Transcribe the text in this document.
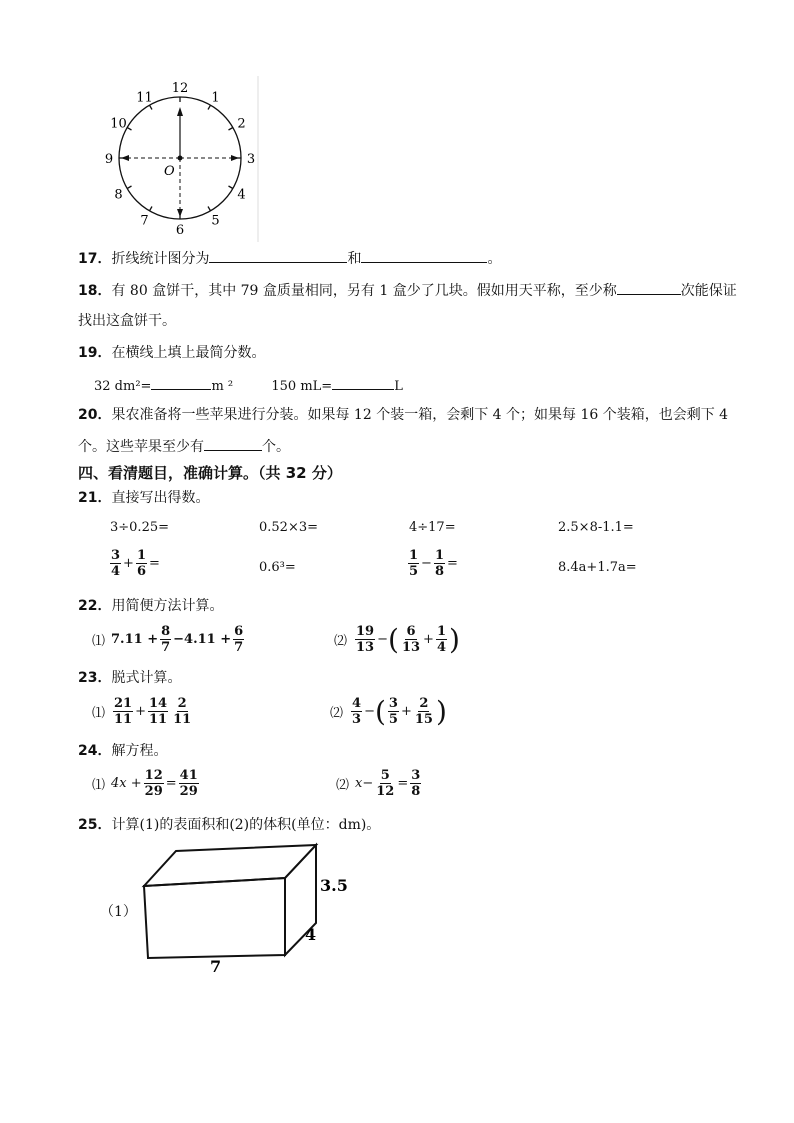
O
12
1
2
3
4
5
6
7
8
9
10
11
17．折线统计图分为	和	。
18．有 80 盒饼干，其中 79 盒质量相同，另有 1 盒少了几块。假如用天平称，至少称	次能保证
找出这盒饼干。
19．在横线上填上最简分数。
32 dm²=	m ²	150 mL=	L
20．果农准备将一些苹果进行分装。如果每 12 个装一箱，会剩下 4 个；如果每 16 个装箱，也会剩下 4
个。这些苹果至少有	个。
四、看清题目，准确计算。（共 32 分）
21．直接写出得数。
3÷0.25=	0.52×3=	4÷17=	2.5×8-1.1=
$\frac{3}{4} + \frac{1}{6}$ =	0.6³=	$\frac{1}{5} - \frac{1}{8}$ =	8.4a+1.7a=
22．用简便方法计算。
⑴ $7.11 + \frac{8}{7} -4.11 + \frac{6}{7}$	⑵ $\frac{19}{13}$ − ( $\frac{6}{13} + \frac{1}{4}$ )
23．脱式计算。
⑴ $\frac{21}{11} + \frac{14}{11} \frac{2}{11}$	⑵ $\frac{4}{3}$ − ( $\frac{3}{5} + \frac{2}{15}$ )
24．解方程。
⑴ $4x + \frac{12}{29} = \frac{41}{29}$	⑵ $x- \frac{5}{12} = \frac{3}{8}$
25．计算(1)的表面积和(2)的体积(单位：dm)。
（1）
3.5
4
7
